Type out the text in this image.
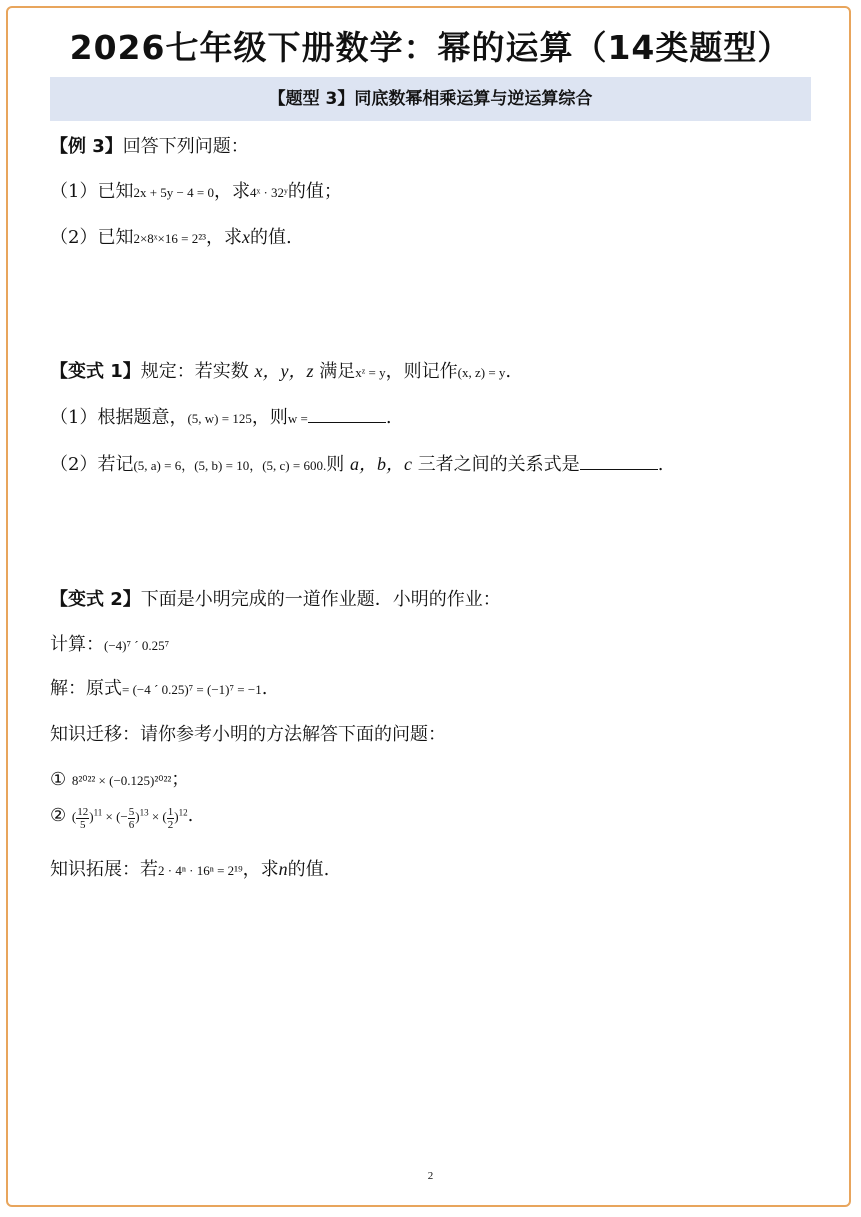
2026七年级下册数学：幂的运算（14类题型）
【题型 3】同底数幂相乘运算与逆运算综合
【例 3】回答下列问题：
（1）已知2x + 5y − 4 = 0，求4ˣ · 32ʸ的值；
（2）已知2×8ˣ×16 = 2²³，求x的值.
【变式 1】规定：若实数 x，y，z 满足xᶻ = y，则记作(x, z) = y.
（1）根据题意，(5, w) = 125，则w =	.
（2）若记(5, a) = 6，(5, b) = 10，(5, c) = 600.则 a，b，c 三者之间的关系式是	.
【变式 2】下面是小明完成的一道作业题．小明的作业：
计算：(−4)⁷ ´ 0.25⁷
解：原式= (−4 ´ 0.25)⁷ = (−1)⁷ = −1.
知识迁移：请你参考小明的方法解答下面的问题：
① 8²⁰²² × (−0.125)²⁰²²；
② ( $\frac{12}{5} )^{11}$ × (− $\frac{5}{6} )^{13}$ × ( $\frac{1}{2} )^{12}$.
知识拓展：若2 · 4ⁿ · 16ⁿ = 2¹⁹，求n的值.
2
